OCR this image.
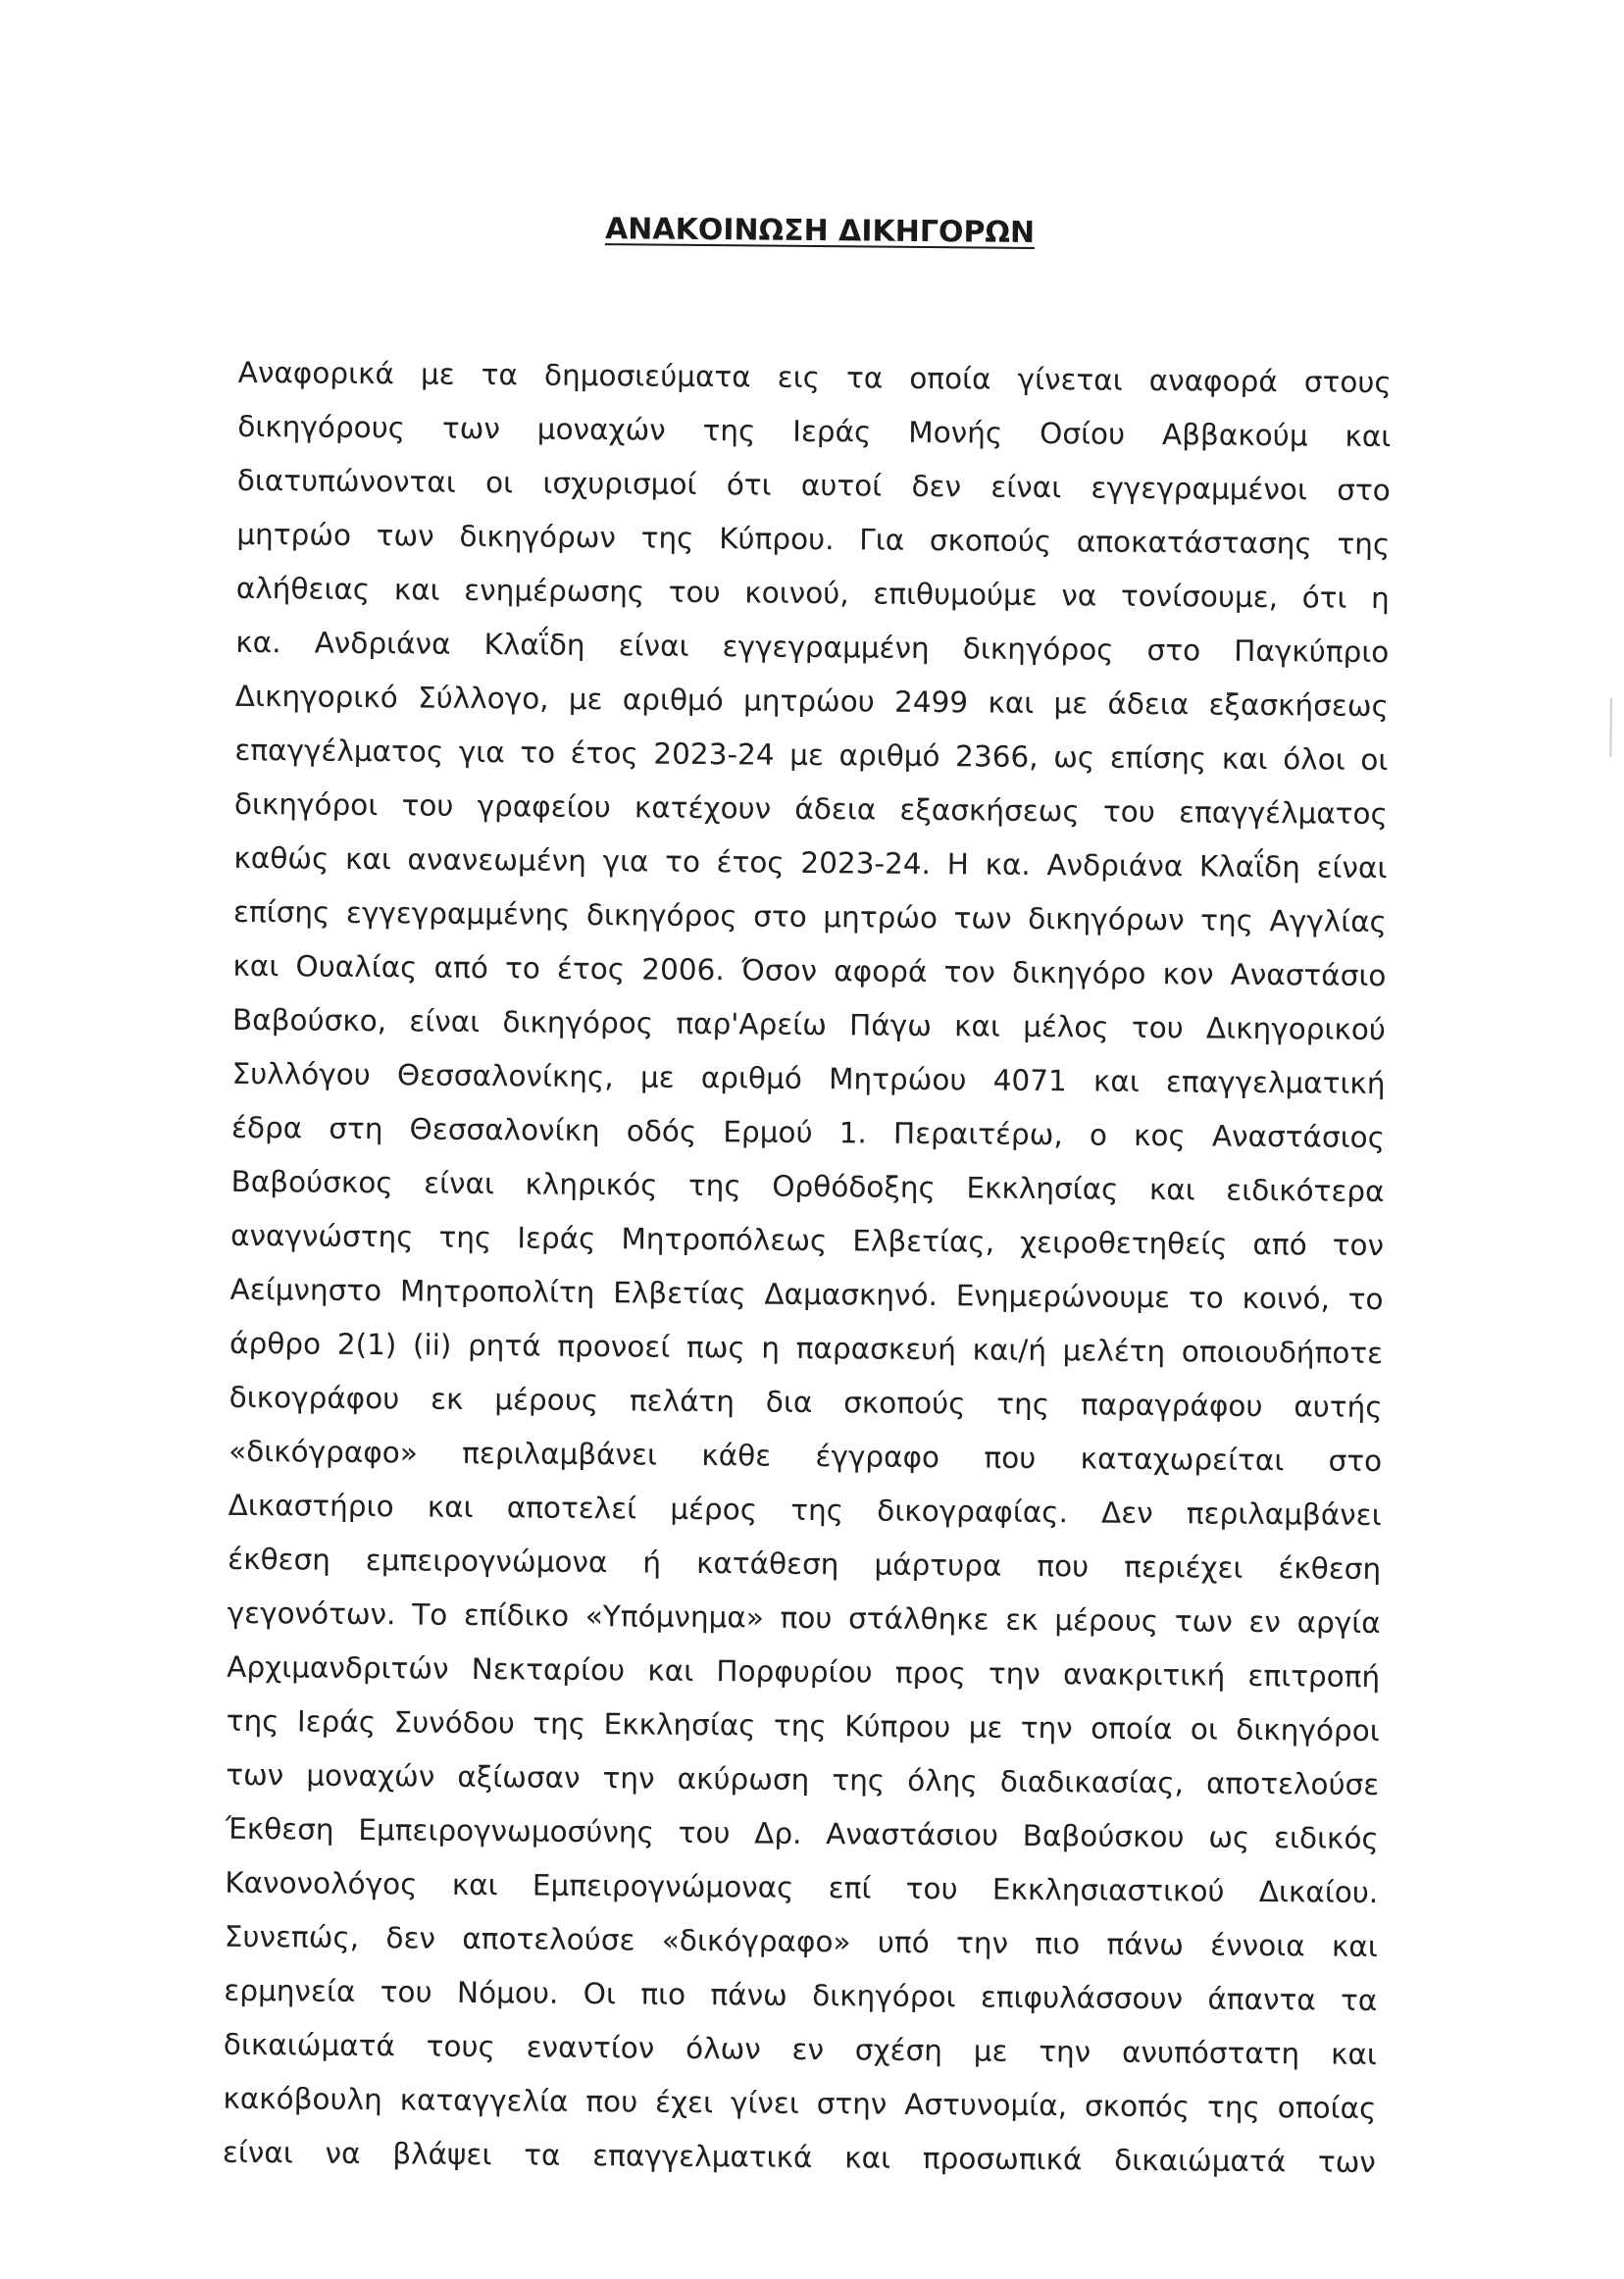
ΑΝΑΚΟΙΝΩΣΗ ΔΙΚΗΓΟΡΩΝ
Αναφορικά με τα δημοσιεύματα εις τα οποία γίνεται αναφορά στους
δικηγόρους των μοναχών της Ιεράς Μονής Οσίου Αββακούμ και
διατυπώνονται οι ισχυρισμοί ότι αυτοί δεν είναι εγγεγραμμένοι στο
μητρώο των δικηγόρων της Κύπρου. Για σκοπούς αποκατάστασης της
αλήθειας και ενημέρωσης του κοινού, επιθυμούμε να τονίσουμε, ότι η
κα. Ανδριάνα Κλαΐδη είναι εγγεγραμμένη δικηγόρος στο Παγκύπριο
Δικηγορικό Σύλλογο, με αριθμό μητρώου 2499 και με άδεια εξασκήσεως
επαγγέλματος για το έτος 2023-24 με αριθμό 2366, ως επίσης και όλοι οι
δικηγόροι του γραφείου κατέχουν άδεια εξασκήσεως του επαγγέλματος
καθώς και ανανεωμένη για το έτος 2023-24. Η κα. Ανδριάνα Κλαΐδη είναι
επίσης εγγεγραμμένης δικηγόρος στο μητρώο των δικηγόρων της Αγγλίας
και Ουαλίας από το έτος 2006. Όσον αφορά τον δικηγόρο κον Αναστάσιο
Βαβούσκο, είναι δικηγόρος παρ'Αρείω Πάγω και μέλος του Δικηγορικού
Συλλόγου Θεσσαλονίκης, με αριθμό Μητρώου 4071 και επαγγελματική
έδρα στη Θεσσαλονίκη οδός Ερμού 1. Περαιτέρω, ο κος Αναστάσιος
Βαβούσκος είναι κληρικός της Ορθόδοξης Εκκλησίας και ειδικότερα
αναγνώστης της Ιεράς Μητροπόλεως Ελβετίας, χειροθετηθείς από τον
Αείμνηστο Μητροπολίτη Ελβετίας Δαμασκηνό. Ενημερώνουμε το κοινό, το
άρθρο 2(1) (ii) ρητά προνοεί πως η παρασκευή και/ή μελέτη οποιουδήποτε
δικογράφου εκ μέρους πελάτη δια σκοπούς της παραγράφου αυτής
«δικόγραφο» περιλαμβάνει κάθε έγγραφο που καταχωρείται στο
Δικαστήριο και αποτελεί μέρος της δικογραφίας. Δεν περιλαμβάνει
έκθεση εμπειρογνώμονα ή κατάθεση μάρτυρα που περιέχει έκθεση
γεγονότων. Το επίδικο «Υπόμνημα» που στάλθηκε εκ μέρους των εν αργία
Αρχιμανδριτών Νεκταρίου και Πορφυρίου προς την ανακριτική επιτροπή
της Ιεράς Συνόδου της Εκκλησίας της Κύπρου με την οποία οι δικηγόροι
των μοναχών αξίωσαν την ακύρωση της όλης διαδικασίας, αποτελούσε
Έκθεση Εμπειρογνωμοσύνης του Δρ. Αναστάσιου Βαβούσκου ως ειδικός
Κανονολόγος και Εμπειρογνώμονας επί του Εκκλησιαστικού Δικαίου.
Συνεπώς, δεν αποτελούσε «δικόγραφο» υπό την πιο πάνω έννοια και
ερμηνεία του Νόμου. Οι πιο πάνω δικηγόροι επιφυλάσσουν άπαντα τα
δικαιώματά τους εναντίον όλων εν σχέση με την ανυπόστατη και
κακόβουλη καταγγελία που έχει γίνει στην Αστυνομία, σκοπός της οποίας
είναι να βλάψει τα επαγγελματικά και προσωπικά δικαιώματά των
